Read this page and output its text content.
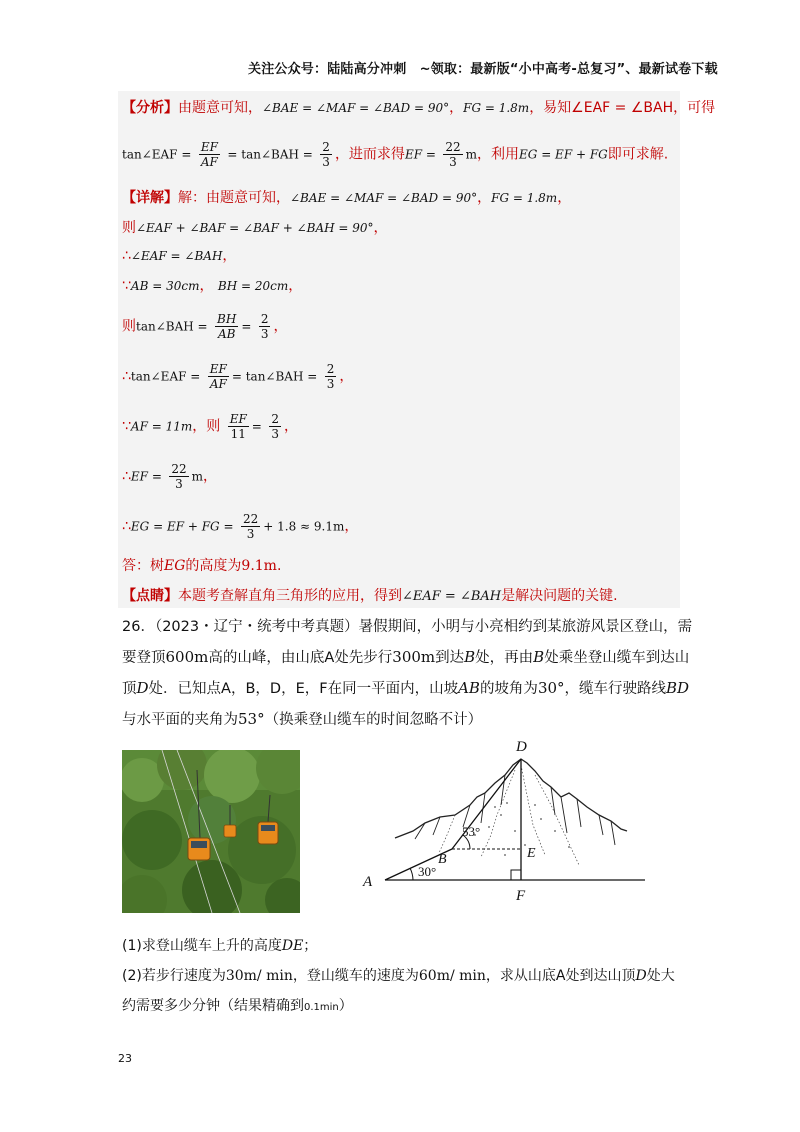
关注公众号：陆陆高分冲刺　~领取：最新版“小中高考-总复习”、最新试卷下载
【分析】由题意可知，∠BAE = ∠MAF = ∠BAD = 90°，FG = 1.8m，易知∠EAF = ∠BAH，可得
tan∠EAF = $\frac{EF}{AF}$ = tan∠BAH = $\frac{2}{3}$ ，进而求得EF = $\frac{22}{3}$ m，利用EG = EF + FG即可求解.
【详解】解：由题意可知，∠BAE = ∠MAF = ∠BAD = 90°，FG = 1.8m，
则∠EAF + ∠BAF = ∠BAF + ∠BAH = 90°，
∴∠EAF = ∠BAH，
∵AB = 30cm， BH = 20cm，
则tan∠BAH = $\frac{BH}{AB} = \frac{2}{3}$ ，
∴tan∠EAF = $\frac{EF}{AF}$ = tan∠BAH = $\frac{2}{3}$ ，
∵AF = 11m，则 $\frac{EF}{11} = \frac{2}{3}$ ，
∴EF = $\frac{22}{3}$ m，
∴EG = EF + FG = $\frac{22}{3} + 1.8 \approx 9.1m$，
答：树EG的高度为9.1m.
【点睛】本题考查解直角三角形的应用，得到∠EAF = ∠BAH是解决问题的关键.
26．（2023・辽宁・统考中考真题）暑假期间，小明与小亮相约到某旅游风景区登山，需
要登顶600m高的山峰，由山底A处先步行300m到达B处，再由B处乘坐登山缆车到达山
顶D处．已知点A，B，D，E，F在同一平面内，山坡AB的坡角为30°，缆车行驶路线BD
与水平面的夹角为53°（换乘登山缆车的时间忽略不计）
D
E
F
A
B
53°
30°
(1)求登山缆车上升的高度DE；
(2)若步行速度为30m/ min，登山缆车的速度为60m/ min，求从山底A处到达山顶D处大
约需要多少分钟（结果精确到0.1min）
23
